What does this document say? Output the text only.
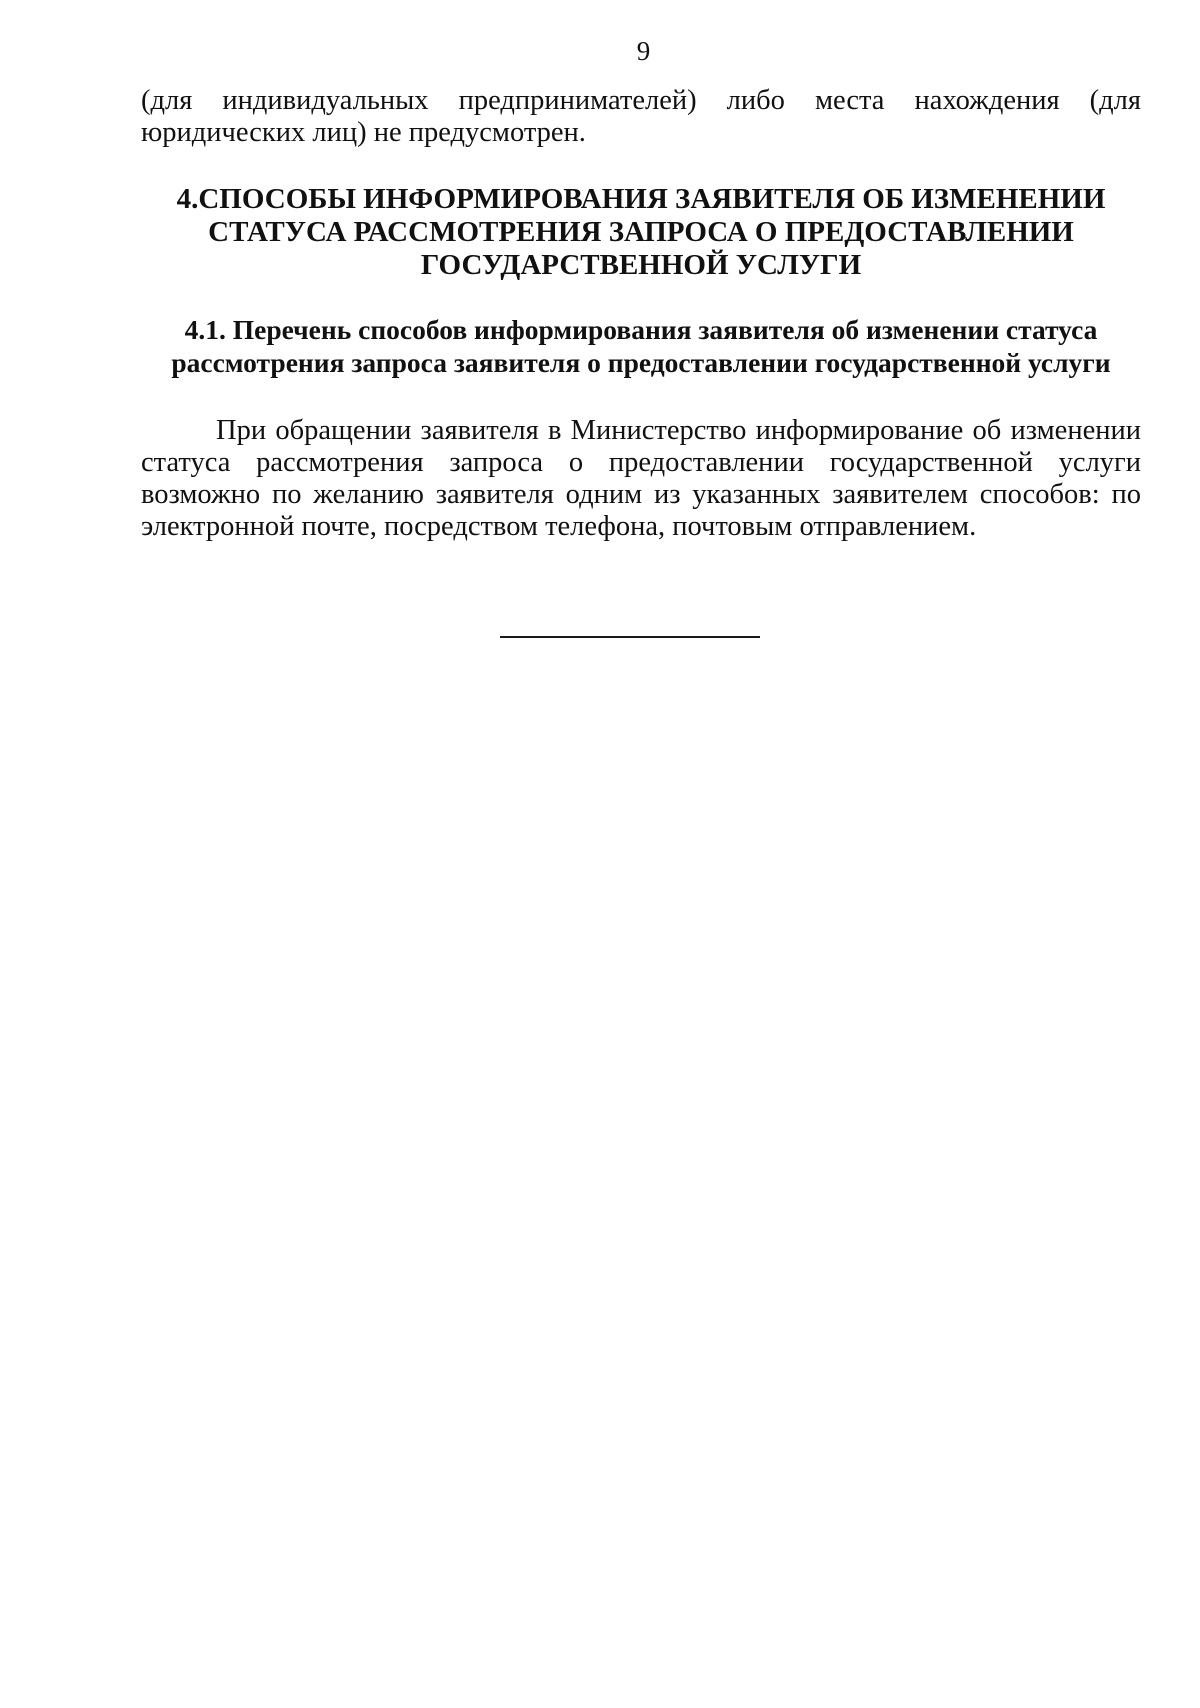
9

(для индивидуальных предпринимателей) либо места нахождения (для юридических лиц) не предусмотрен.

4.СПОСОБЫ ИНФОРМИРОВАНИЯ ЗАЯВИТЕЛЯ ОБ ИЗМЕНЕНИИ СТАТУСА РАССМОТРЕНИЯ ЗАПРОСА О ПРЕДОСТАВЛЕНИИ ГОСУДАРСТВЕННОЙ УСЛУГИ
4.1. Перечень способов информирования заявителя об изменении статуса рассмотрения запроса заявителя о предоставлении государственной услуги

При обращении заявителя в Министерство информирование об изменении статуса рассмотрения запроса о предоставлении государственной услуги возможно по желанию заявителя одним из указанных заявителем способов: по электронной почте, посредством телефона, почтовым отправлением.
